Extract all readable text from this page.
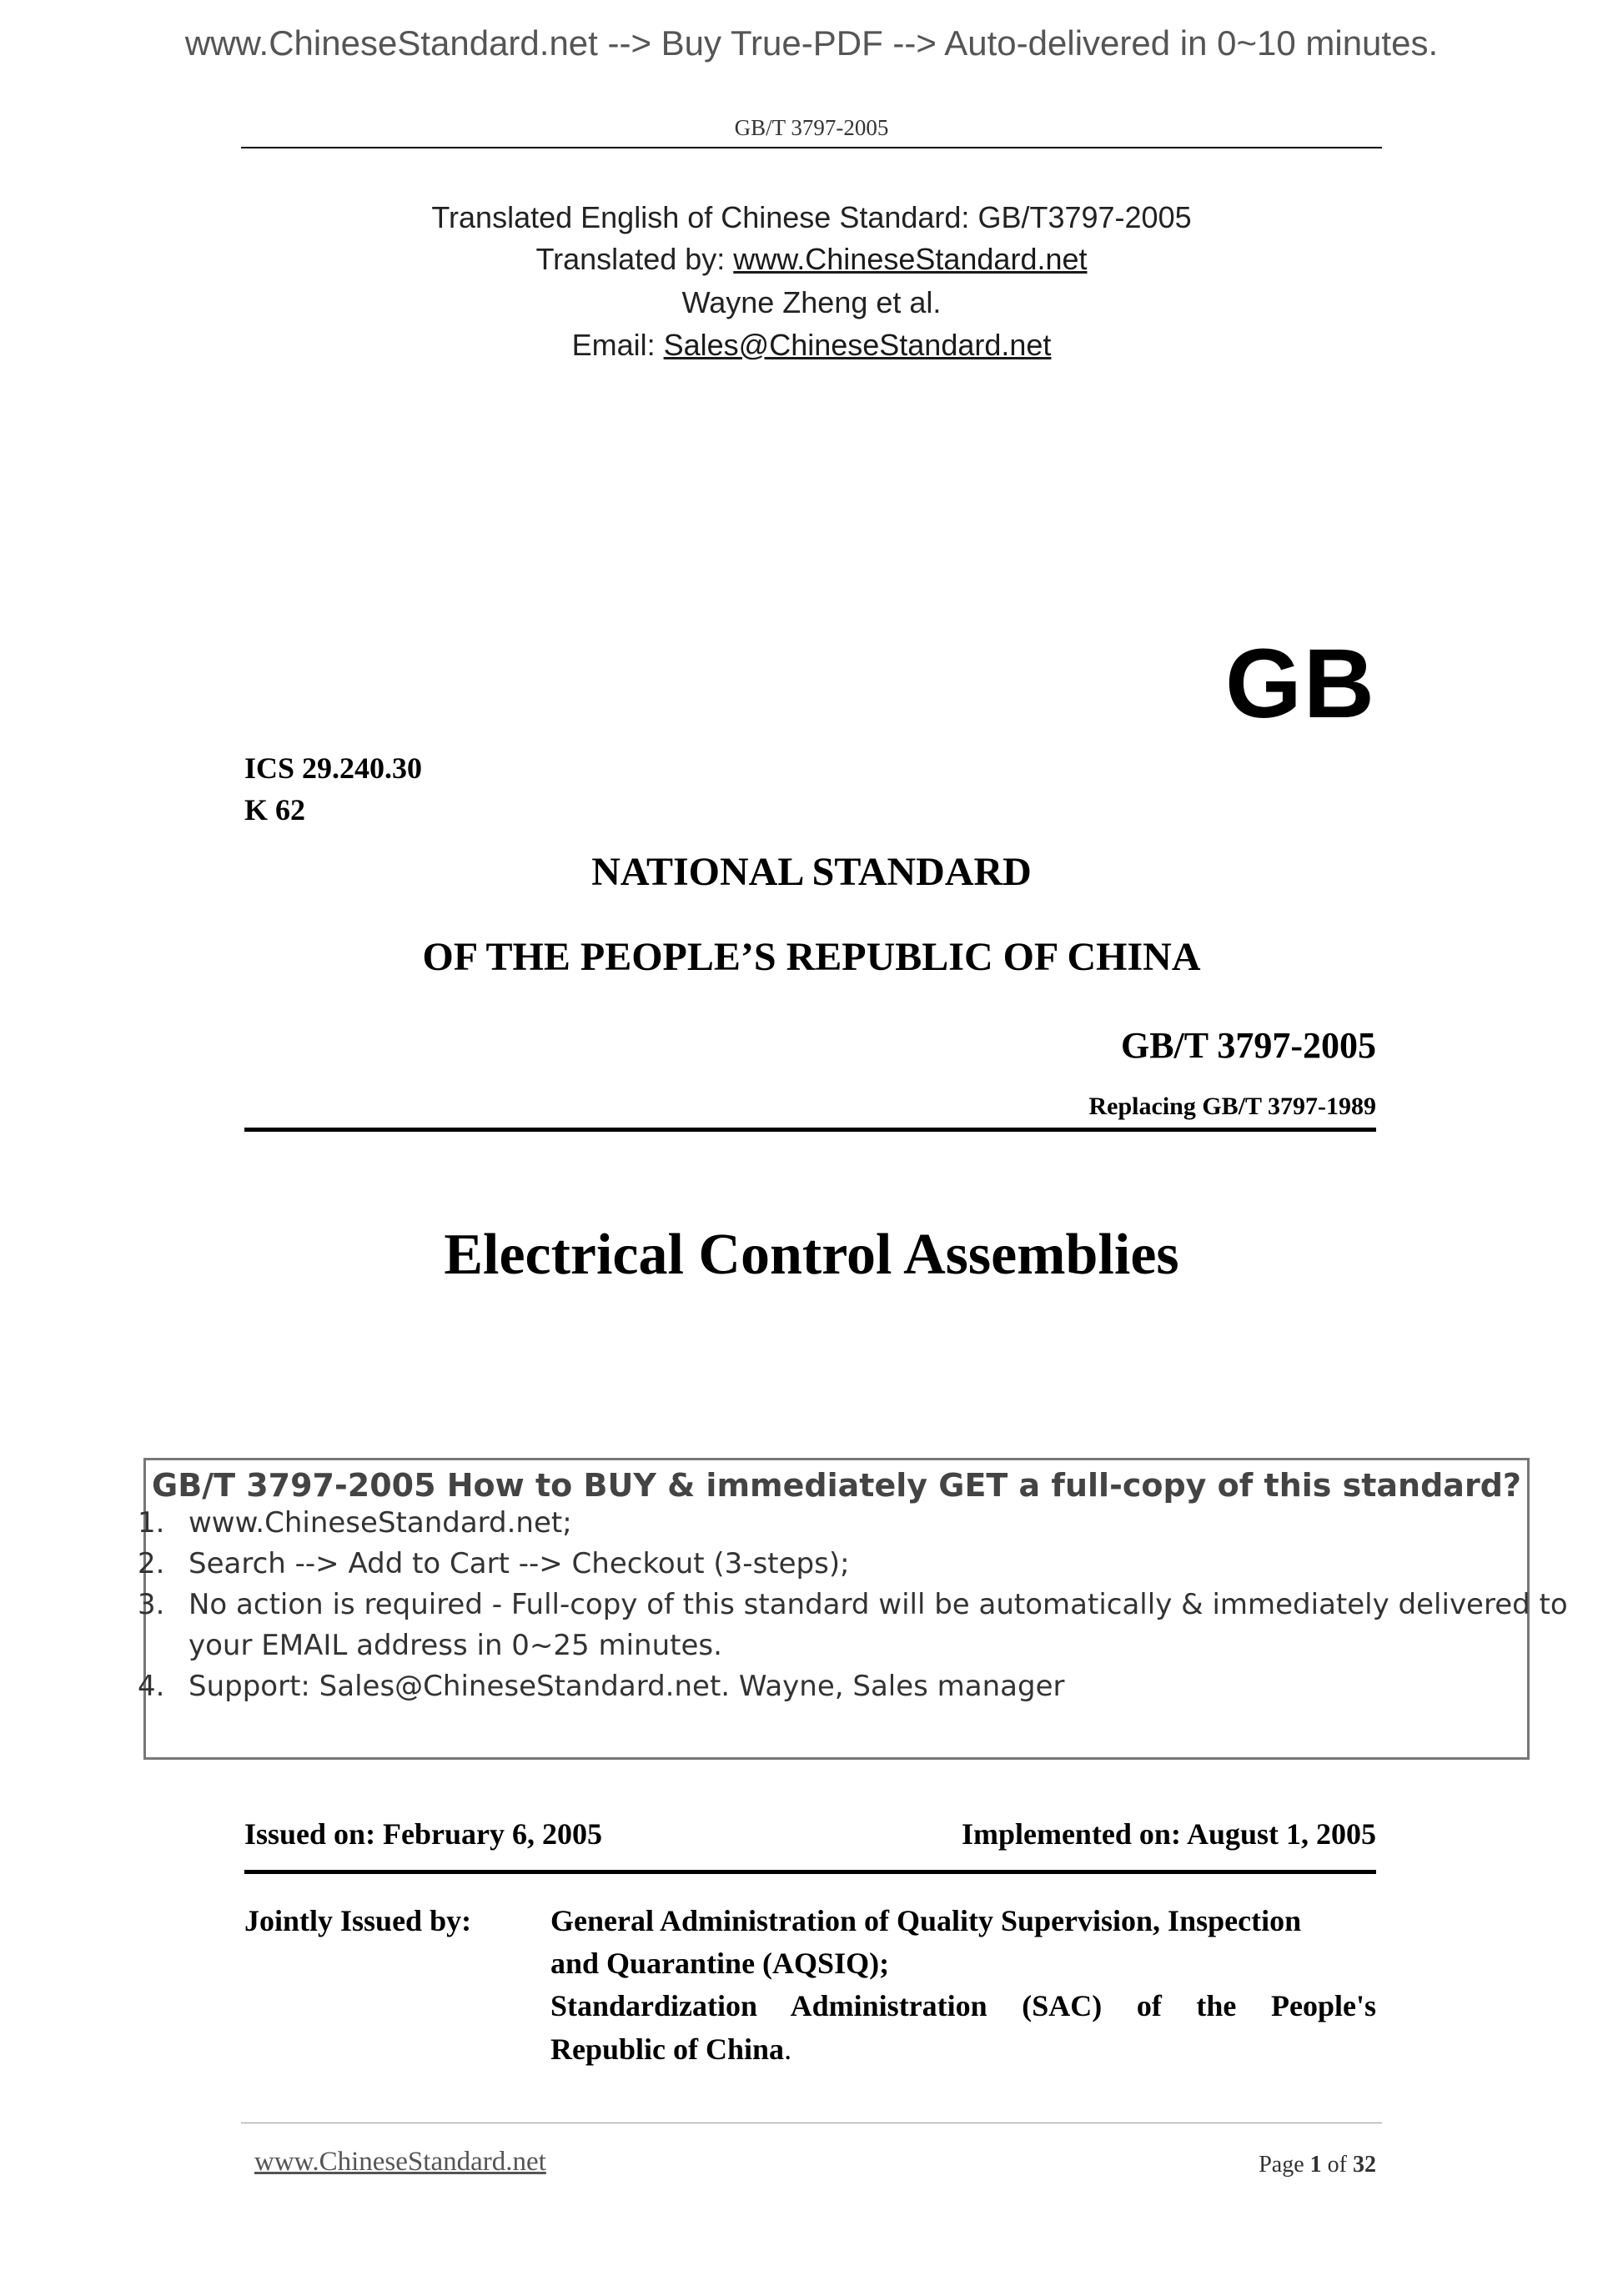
www.ChineseStandard.net --> Buy True-PDF --> Auto-delivered in 0~10 minutes.
GB/T 3797-2005
Translated English of Chinese Standard: GB/T3797-2005
Translated by: www.ChineseStandard.net
Wayne Zheng et al.
Email: Sales@ChineseStandard.net
GB
ICS 29.240.30
K 62
NATIONAL STANDARD
OF THE PEOPLE’S REPUBLIC OF CHINA
GB/T 3797-2005
Replacing GB/T 3797-1989
Electrical Control Assemblies
GB/T 3797-2005 How to BUY & immediately GET a full-copy of this standard?
1. www.ChineseStandard.net;
2. Search --> Add to Cart --> Checkout (3-steps);
3. No action is required - Full-copy of this standard will be automatically & immediately delivered to
your EMAIL address in 0~25 minutes.
4. Support: Sales@ChineseStandard.net. Wayne, Sales manager
Issued on: February 6, 2005	Implemented on: August 1, 2005
Jointly Issued by:	General Administration of Quality Supervision, Inspection
and Quarantine (AQSIQ);
Standardization Administration (SAC) of the People's
Republic of China.
www.ChineseStandard.net	Page 1 of 32
